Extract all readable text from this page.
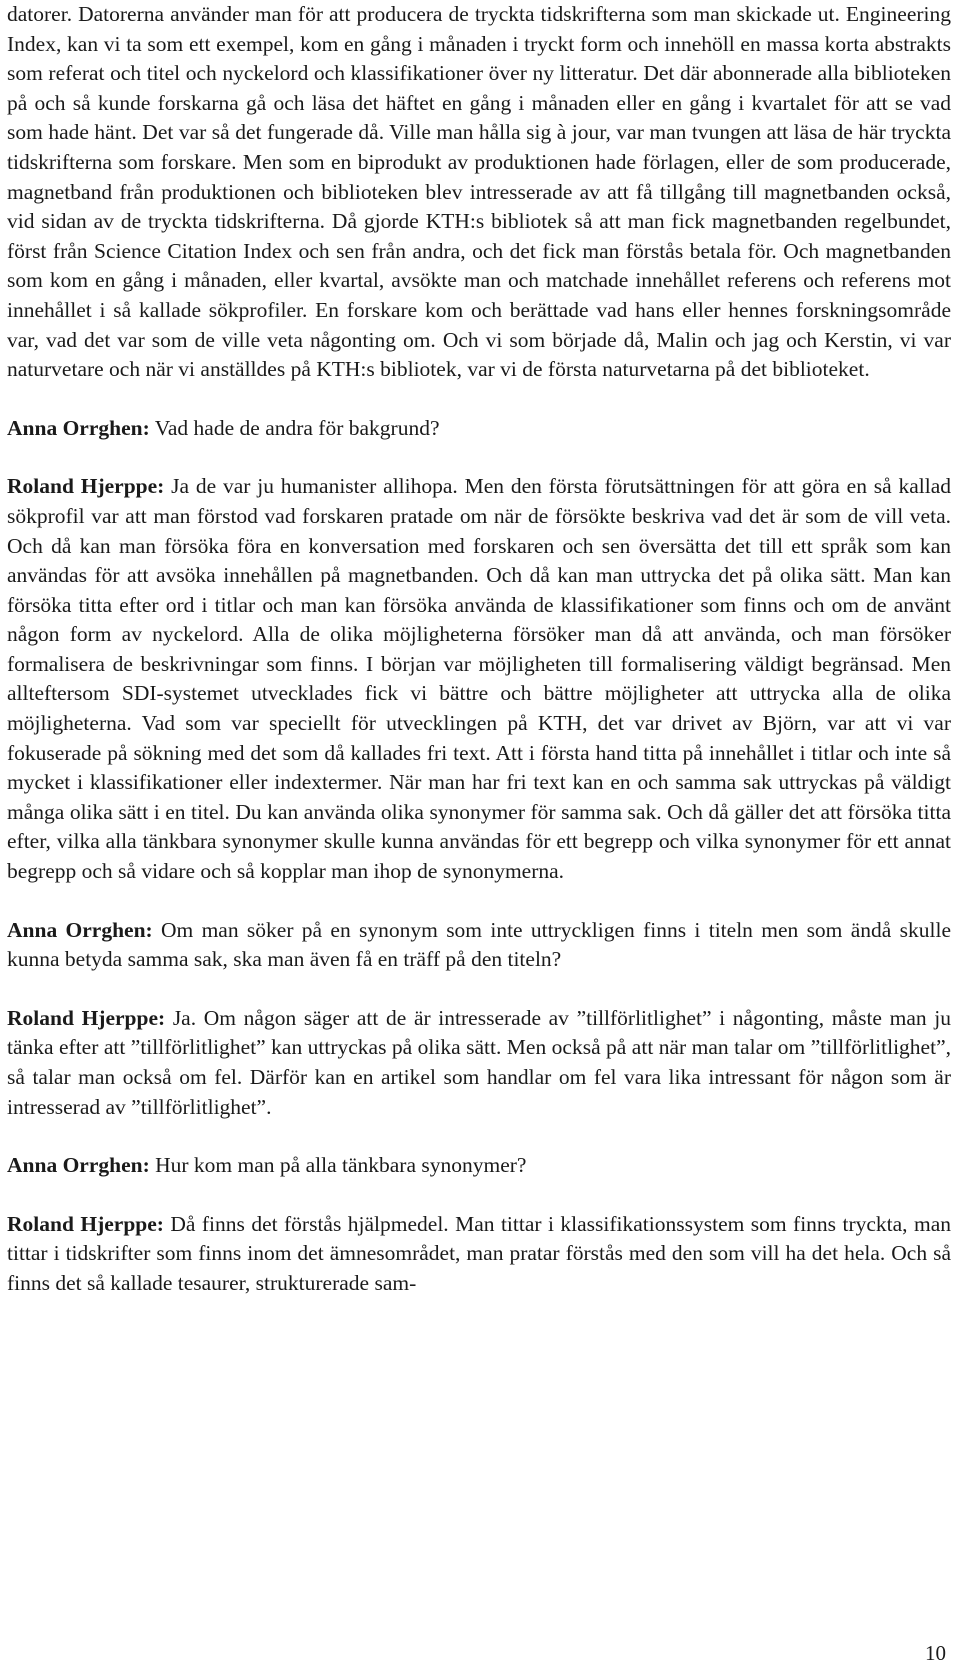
datorer. Datorerna använder man för att producera de tryckta tidskrifterna som man skickade ut. Engineering Index, kan vi ta som ett exempel, kom en gång i månaden i tryckt form och innehöll en massa korta abstrakts som referat och titel och nyckelord och klassifikationer över ny litteratur. Det där abonnerade alla biblioteken på och så kunde forskarna gå och läsa det häftet en gång i månaden eller en gång i kvartalet för att se vad som hade hänt. Det var så det fungerade då. Ville man hålla sig à jour, var man tvungen att läsa de här tryckta tidskrifterna som forskare. Men som en biprodukt av produktionen hade förlagen, eller de som producerade, magnetband från produktionen och biblioteken blev intresserade av att få tillgång till magnetbanden också, vid sidan av de tryckta tidskrifterna. Då gjorde KTH:s bibliotek så att man fick magnetbanden regelbundet, först från Science Citation Index och sen från andra, och det fick man förstås betala för. Och magnetbanden som kom en gång i månaden, eller kvartal, avsökte man och matchade innehållet referens och referens mot innehållet i så kallade sökprofiler. En forskare kom och berättade vad hans eller hennes forskningsområde var, vad det var som de ville veta någonting om. Och vi som började då, Malin och jag och Kerstin, vi var naturvetare och när vi anställdes på KTH:s bibliotek, var vi de första naturvetarna på det biblioteket.

Anna Orrghen: Vad hade de andra för bakgrund?

Roland Hjerppe: Ja de var ju humanister allihopa. Men den första förutsättningen för att göra en så kallad sökprofil var att man förstod vad forskaren pratade om när de försökte beskriva vad det är som de vill veta. Och då kan man försöka föra en konversation med forskaren och sen översätta det till ett språk som kan användas för att avsöka innehållen på magnetbanden. Och då kan man uttrycka det på olika sätt. Man kan försöka titta efter ord i titlar och man kan försöka använda de klassifikationer som finns och om de använt någon form av nyckelord. Alla de olika möjligheterna försöker man då att använda, och man försöker formalisera de beskrivningar som finns. I början var möjligheten till formalisering väldigt begränsad. Men allteftersom SDI-systemet utvecklades fick vi bättre och bättre möjligheter att uttrycka alla de olika möjligheterna. Vad som var speciellt för utvecklingen på KTH, det var drivet av Björn, var att vi var fokuserade på sökning med det som då kallades fri text. Att i första hand titta på innehållet i titlar och inte så mycket i klassifikationer eller indextermer. När man har fri text kan en och samma sak uttryckas på väldigt många olika sätt i en titel. Du kan använda olika synonymer för samma sak. Och då gäller det att försöka titta efter, vilka alla tänkbara synonymer skulle kunna användas för ett begrepp och vilka synonymer för ett annat begrepp och så vidare och så kopplar man ihop de synonymerna.

Anna Orrghen: Om man söker på en synonym som inte uttryckligen finns i titeln men som ändå skulle kunna betyda samma sak, ska man även få en träff på den titeln?

Roland Hjerppe: Ja. Om någon säger att de är intresserade av ”tillförlitlighet” i någonting, måste man ju tänka efter att ”tillförlitlighet” kan uttryckas på olika sätt. Men också på att när man talar om ”tillförlitlighet”, så talar man också om fel. Därför kan en artikel som handlar om fel vara lika intressant för någon som är intresserad av ”tillförlitlighet”.

Anna Orrghen: Hur kom man på alla tänkbara synonymer?

Roland Hjerppe: Då finns det förstås hjälpmedel. Man tittar i klassifikationssystem som finns tryckta, man tittar i tidskrifter som finns inom det ämnesområdet, man pratar förstås med den som vill ha det hela. Och så finns det så kallade tesaurer, strukturerade sam-

10
